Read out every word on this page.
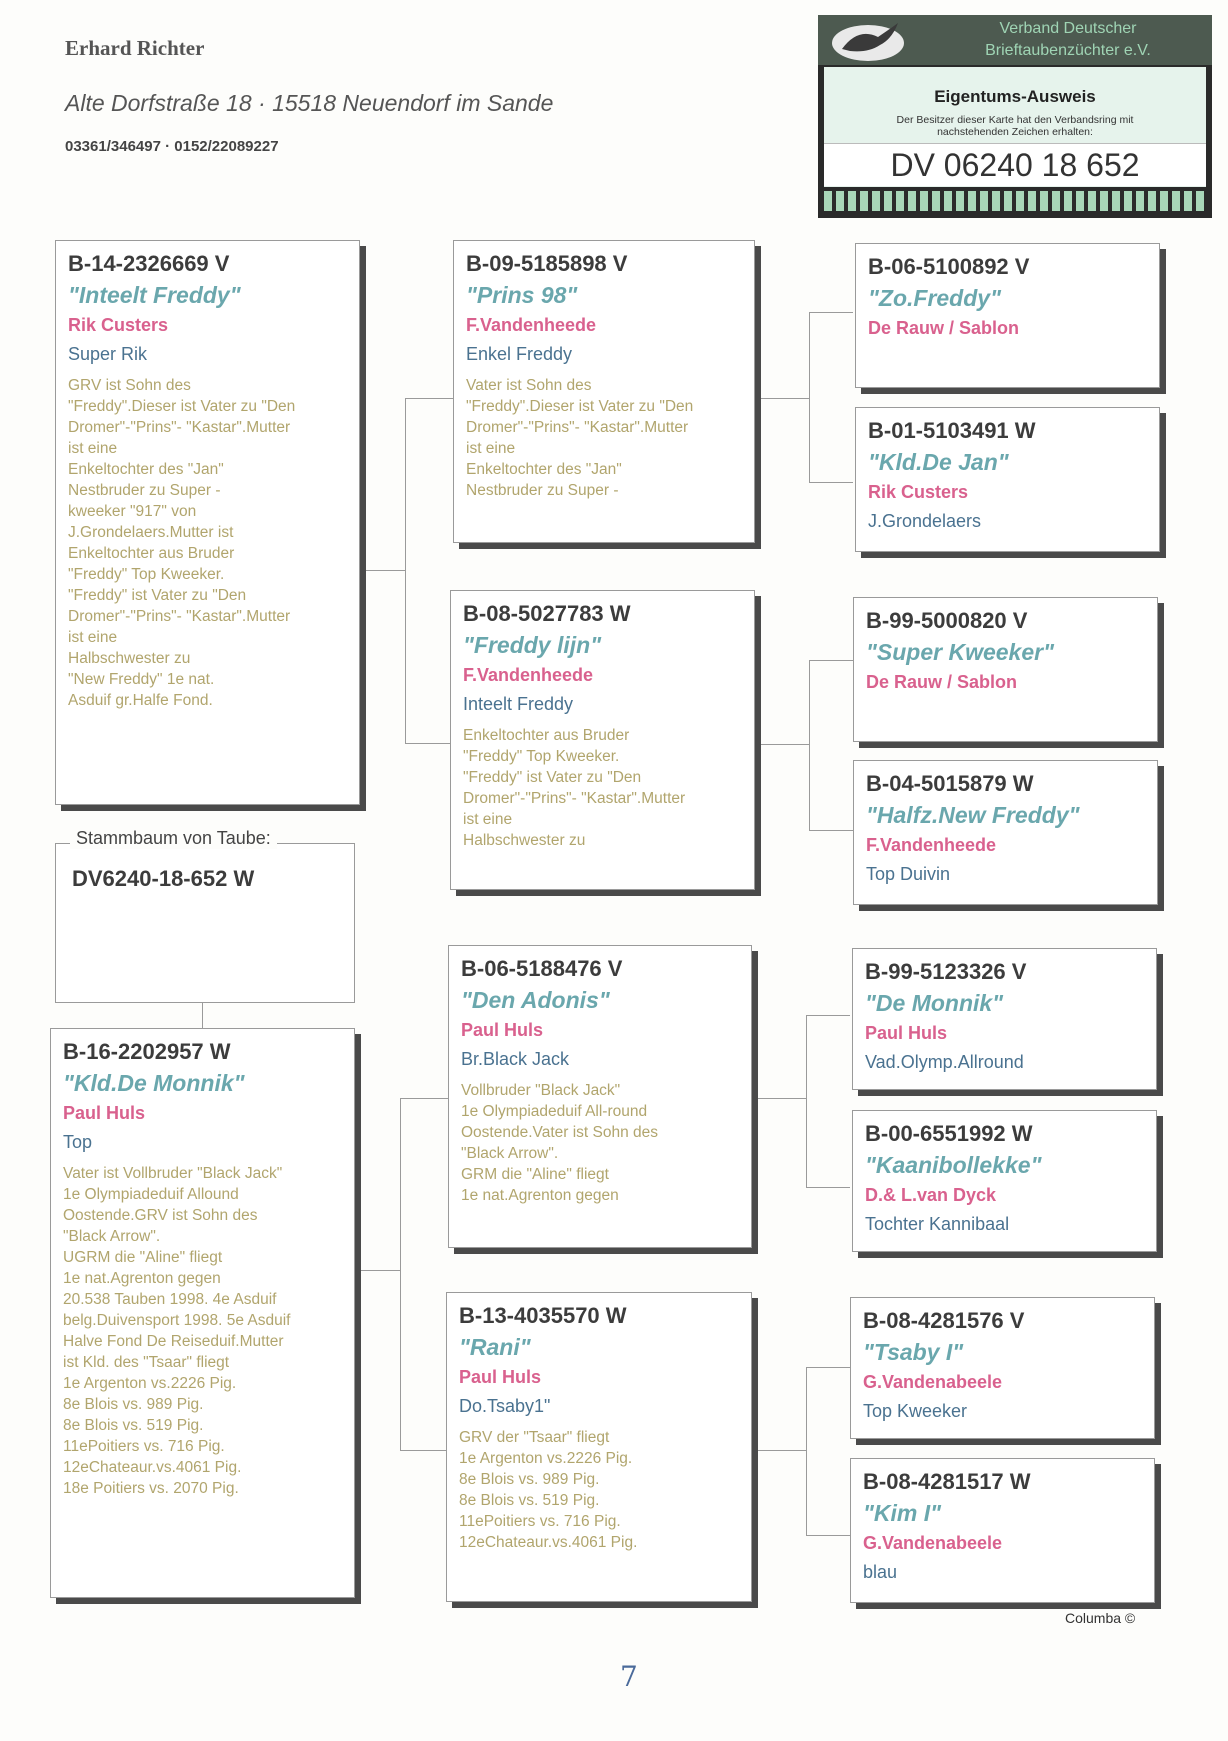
Erhard Richter
Alte Dorfstraße 18 · 15518 Neuendorf im Sande
03361/346497 · 0152/22089227
Verband Deutscher Brieftaubenzüchter e.V.
Eigentums-Ausweis
Der Besitzer dieser Karte hat den Verbandsring mit nachstehenden Zeichen erhalten:
DV 06240 18 652
B-14-2326669 V
"Inteelt Freddy"
Rik Custers
Super Rik
GRV ist Sohn des
"Freddy".Dieser ist Vater zu "Den
Dromer"-"Prins"- "Kastar".Mutter
ist eine
Enkeltochter des "Jan"
Nestbruder zu Super -
kweeker "917" von
J.Grondelaers.Mutter ist
Enkeltochter aus Bruder
"Freddy" Top Kweeker.
"Freddy" ist Vater zu "Den
Dromer"-"Prins"- "Kastar".Mutter
ist eine
Halbschwester zu
"New Freddy" 1e nat.
Asduif gr.Halfe Fond.
Stammbaum von Taube:
DV6240-18-652 W
B-16-2202957 W
"Kld.De Monnik"
Paul Huls
Top
Vater ist Vollbruder "Black Jack"
1e Olympiadeduif Allound
Oostende.GRV ist Sohn des
"Black Arrow".
UGRM die "Aline" fliegt
1e nat.Agrenton gegen
20.538 Tauben 1998. 4e Asduif
belg.Duivensport 1998. 5e Asduif
Halve Fond De Reiseduif.Mutter
ist Kld. des "Tsaar" fliegt
1e Argenton vs.2226 Pig.
8e Blois vs. 989 Pig.
8e Blois vs. 519 Pig.
11ePoitiers vs. 716 Pig.
12eChateaur.vs.4061 Pig.
18e Poitiers vs. 2070 Pig.
B-09-5185898 V
"Prins 98"
F.Vandenheede
Enkel Freddy
Vater ist Sohn des
"Freddy".Dieser ist Vater zu "Den
Dromer"-"Prins"- "Kastar".Mutter
ist eine
Enkeltochter des "Jan"
Nestbruder zu Super -
B-08-5027783 W
"Freddy lijn"
F.Vandenheede
Inteelt Freddy
Enkeltochter aus Bruder
"Freddy" Top Kweeker.
"Freddy" ist Vater zu "Den
Dromer"-"Prins"- "Kastar".Mutter
ist eine
Halbschwester zu
B-06-5188476 V
"Den Adonis"
Paul Huls
Br.Black Jack
Vollbruder "Black Jack"
1e Olympiadeduif All-round
Oostende.Vater ist Sohn des
"Black Arrow".
GRM die "Aline" fliegt
1e nat.Agrenton gegen
B-13-4035570 W
"Rani"
Paul Huls
Do.Tsaby1"
GRV der "Tsaar" fliegt
1e Argenton vs.2226 Pig.
8e Blois vs. 989 Pig.
8e Blois vs. 519 Pig.
11ePoitiers vs. 716 Pig.
12eChateaur.vs.4061 Pig.
B-06-5100892 V
"Zo.Freddy"
De Rauw / Sablon
B-01-5103491 W
"Kld.De Jan"
Rik Custers
J.Grondelaers
B-99-5000820 V
"Super Kweeker"
De Rauw / Sablon
B-04-5015879 W
"Halfz.New Freddy"
F.Vandenheede
Top Duivin
B-99-5123326 V
"De Monnik"
Paul Huls
Vad.Olymp.Allround
B-00-6551992 W
"Kaanibollekke"
D.& L.van Dyck
Tochter Kannibaal
B-08-4281576 V
"Tsaby I"
G.Vandenabeele
Top Kweeker
B-08-4281517 W
"Kim I"
G.Vandenabeele
blau
Columba ©
7
